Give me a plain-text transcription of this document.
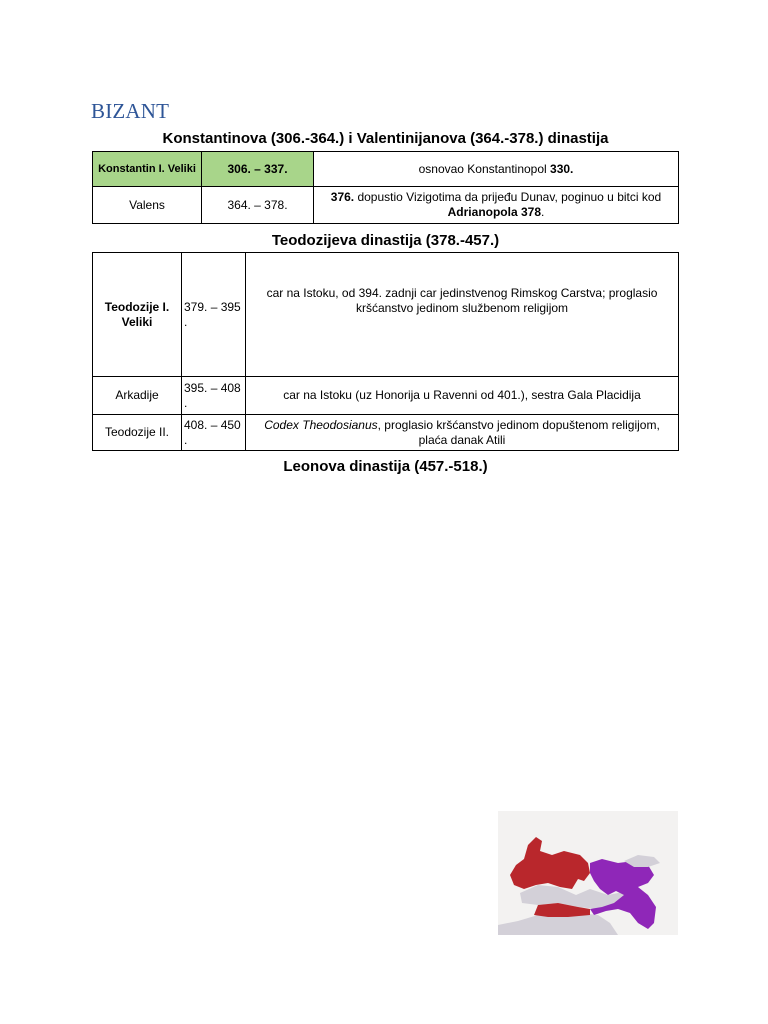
BIZANT
Konstantinova (306.-364.) i Valentinijanova (364.-378.) dinastija
Konstantin I. Veliki	306. – 337.	osnovao Konstantinopol 330.
Valens	364. – 378.	376. dopustio Vizigotima da prijeđu Dunav, poginuo u bitci kod Adrianopola 378.
Teodozijeva dinastija (378.-457.)
Teodozije I. Veliki	379. – 395 .	car na Istoku, od 394. zadnji car jedinstvenog Rimskog Carstva; proglasio kršćanstvo jedinom službenom religijom
Arkadije	395. – 408 .	car na Istoku (uz Honorija u Ravenni od 401.), sestra Gala Placidija
Teodozije II.	408. – 450 .	Codex Theodosianus, proglasio kršćanstvo jedinom dopuštenom religijom, plaća danak Atili
Leonova dinastija (457.-518.)
